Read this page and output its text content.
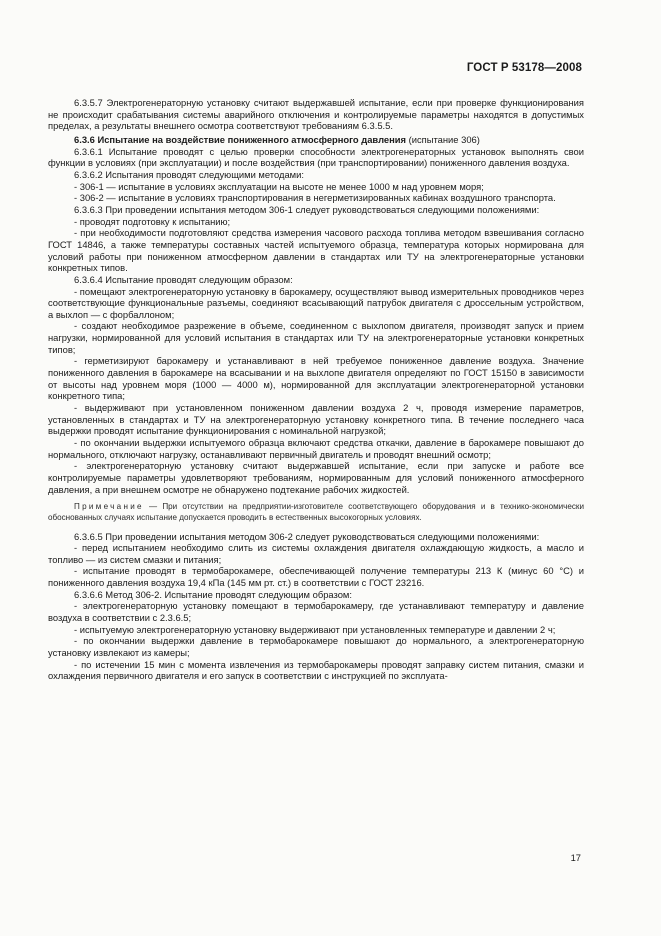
ГОСТ Р 53178—2008

6.3.5.7 Электрогенераторную установку считают выдержавшей испытание, если при проверке функционирования не происходит срабатывания системы аварийного отключения и контролируемые параметры находятся в допустимых пределах, а результаты внешнего осмотра соответствуют требованиям 6.3.5.5.

6.3.6 Испытание на воздействие пониженного атмосферного давления (испытание 306)

6.3.6.1 Испытание проводят с целью проверки способности электрогенераторных установок выполнять свои функции в условиях (при эксплуатации) и после воздействия (при транспортировании) пониженного давления воздуха.

6.3.6.2 Испытания проводят следующими методами:

- 306-1 — испытание в условиях эксплуатации на высоте не менее 1000 м над уровнем моря;

- 306-2 — испытание в условиях транспортирования в негерметизированных кабинах воздушного транспорта.

6.3.6.3 При проведении испытания методом 306-1 следует руководствоваться следующими положениями:

- проводят подготовку к испытанию;

- при необходимости подготовляют средства измерения часового расхода топлива методом взвешивания согласно ГОСТ 14846, а также температуры составных частей испытуемого образца, температура которых нормирована для условий работы при пониженном атмосферном давлении в стандартах или ТУ на электрогенераторные установки конкретных типов.

6.3.6.4 Испытание проводят следующим образом:

- помещают электрогенераторную установку в барокамеру, осуществляют вывод измерительных проводников через соответствующие функциональные разъемы, соединяют всасывающий патрубок двигателя с дроссельным устройством, а выхлоп — с форбаллоном;

- создают необходимое разрежение в объеме, соединенном с выхлопом двигателя, производят запуск и прием нагрузки, нормированной для условий испытания в стандартах или ТУ на электрогенераторные установки конкретных типов;

- герметизируют барокамеру и устанавливают в ней требуемое пониженное давление воздуха. Значение пониженного давления в барокамере на всасывании и на выхлопе двигателя определяют по ГОСТ 15150 в зависимости от высоты над уровнем моря (1000 — 4000 м), нормированной для эксплуатации электрогенераторной установки конкретного типа;

- выдерживают при установленном пониженном давлении воздуха 2 ч, проводя измерение параметров, установленных в стандартах и ТУ на электрогенераторную установку конкретного типа. В течение последнего часа выдержки проводят испытание функционирования с номинальной нагрузкой;

- по окончании выдержки испытуемого образца включают средства откачки, давление в барокамере повышают до нормального, отключают нагрузку, останавливают первичный двигатель и проводят внешний осмотр;

- электрогенераторную установку считают выдержавшей испытание, если при запуске и работе все контролируемые параметры удовлетворяют требованиям, нормированным для условий пониженного атмосферного давления, а при внешнем осмотре не обнаружено подтекание рабочих жидкостей.

Примечание — При отсутствии на предприятии-изготовителе соответствующего оборудования и в технико-экономически обоснованных случаях испытание допускается проводить в естественных высокогорных условиях.

6.3.6.5 При проведении испытания методом 306-2 следует руководствоваться следующими положениями:

- перед испытанием необходимо слить из системы охлаждения двигателя охлаждающую жидкость, а масло и топливо — из систем смазки и питания;

- испытание проводят в термобарокамере, обеспечивающей получение температуры 213 К (минус 60 °С) и пониженного давления воздуха 19,4 кПа (145 мм рт. ст.) в соответствии с ГОСТ 23216.

6.3.6.6 Метод 306-2. Испытание проводят следующим образом:

- электрогенераторную установку помещают в термобарокамеру, где устанавливают температуру и давление воздуха в соответствии с 2.3.6.5;

- испытуемую электрогенераторную установку выдерживают при установленных температуре и давлении 2 ч;

- по окончании выдержки давление в термобарокамере повышают до нормального, а электрогенераторную установку извлекают из камеры;

- по истечении 15 мин с момента извлечения из термобарокамеры проводят заправку систем питания, смазки и охлаждения первичного двигателя и его запуск в соответствии с инструкцией по эксплуата-

17
